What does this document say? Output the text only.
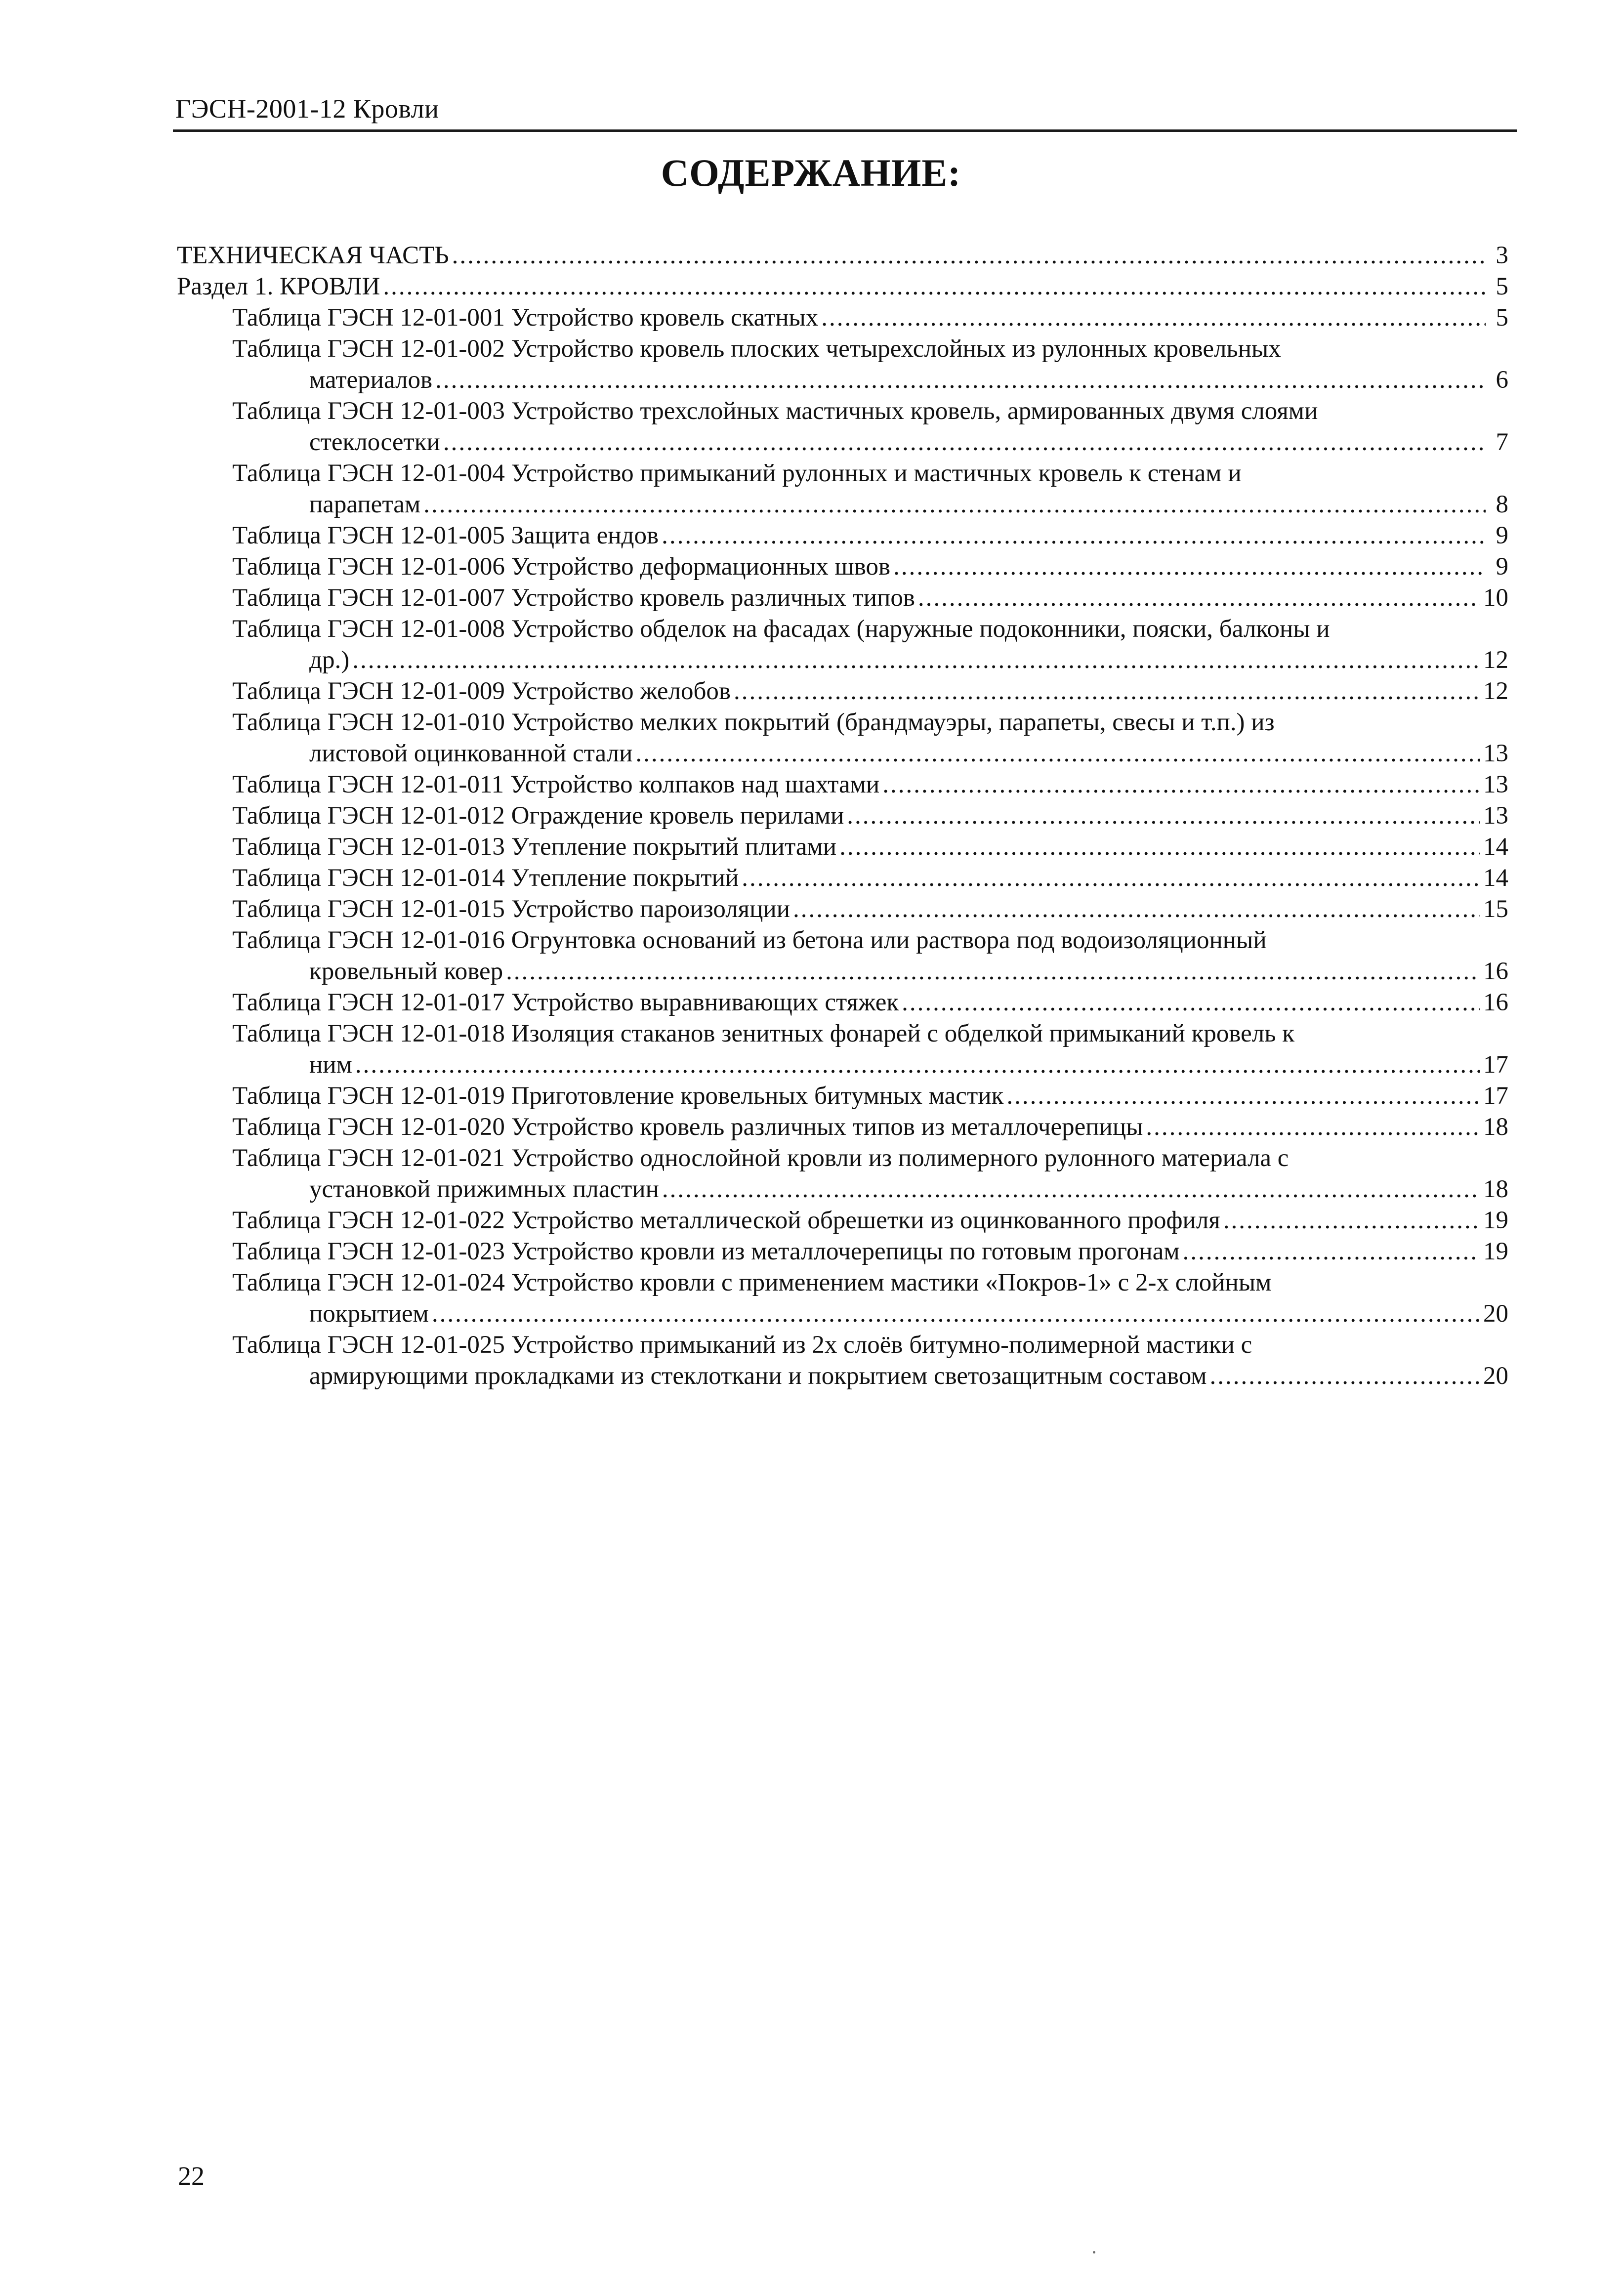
ГЭСН-2001-12 Кровли
СОДЕРЖАНИЕ:
ТЕХНИЧЕСКАЯ ЧАСТЬ .....	3
Раздел 1. КРОВЛИ .....	5
Таблица ГЭСН 12-01-001 Устройство кровель скатных .....	5
Таблица ГЭСН 12-01-002 Устройство кровель плоских четырехслойных из рулонных кровельных
материалов .....	6
Таблица ГЭСН 12-01-003 Устройство трехслойных мастичных кровель, армированных двумя слоями
стеклосетки .....	7
Таблица ГЭСН 12-01-004 Устройство примыканий рулонных и мастичных кровель к стенам и
парапетам .....	8
Таблица ГЭСН 12-01-005 Защита ендов .....	9
Таблица ГЭСН 12-01-006 Устройство деформационных швов .....	9
Таблица ГЭСН 12-01-007 Устройство кровель различных типов .....	10
Таблица ГЭСН 12-01-008 Устройство обделок на фасадах (наружные подоконники, пояски, балконы и
др.) .....	12
Таблица ГЭСН 12-01-009 Устройство желобов .....	12
Таблица ГЭСН 12-01-010 Устройство мелких покрытий (брандмауэры, парапеты, свесы и т.п.) из
листовой оцинкованной стали .....	13
Таблица ГЭСН 12-01-011 Устройство колпаков над шахтами .....	13
Таблица ГЭСН 12-01-012 Ограждение кровель перилами .....	13
Таблица ГЭСН 12-01-013 Утепление покрытий плитами .....	14
Таблица ГЭСН 12-01-014 Утепление покрытий .....	14
Таблица ГЭСН 12-01-015 Устройство пароизоляции .....	15
Таблица ГЭСН 12-01-016 Огрунтовка оснований из бетона или раствора под водоизоляционный
кровельный ковер .....	16
Таблица ГЭСН 12-01-017 Устройство выравнивающих стяжек .....	16
Таблица ГЭСН 12-01-018 Изоляция стаканов зенитных фонарей с обделкой примыканий кровель к
ним .....	17
Таблица ГЭСН 12-01-019 Приготовление кровельных битумных мастик .....	17
Таблица ГЭСН 12-01-020 Устройство кровель различных типов из металлочерепицы .....	18
Таблица ГЭСН 12-01-021 Устройство однослойной кровли из полимерного рулонного материала с
установкой прижимных пластин .....	18
Таблица ГЭСН 12-01-022 Устройство металлической обрешетки из оцинкованного профиля .....	19
Таблица ГЭСН 12-01-023 Устройство кровли из металлочерепицы по готовым прогонам .....	19
Таблица ГЭСН 12-01-024 Устройство кровли с применением мастики «Покров-1» с 2-х слойным
покрытием .....	20
Таблица ГЭСН 12-01-025 Устройство примыканий из 2х слоёв битумно-полимерной мастики с
армирующими прокладками из стеклоткани и покрытием светозащитным составом .....	20
22
